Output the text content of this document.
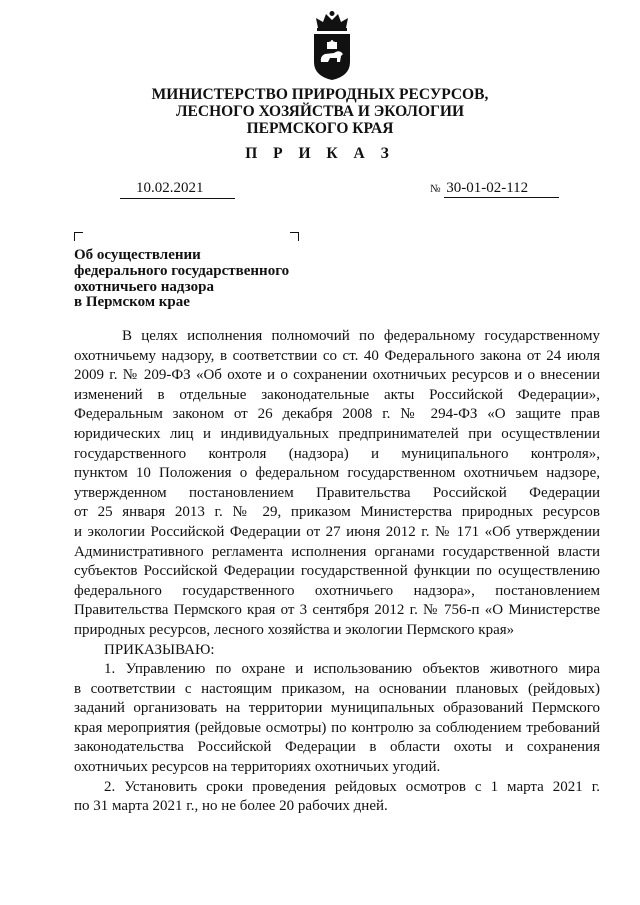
МИНИСТЕРСТВО ПРИРОДНЫХ РЕСУРСОВ,
ЛЕСНОГО ХОЗЯЙСТВА И ЭКОЛОГИИ
ПЕРМСКОГО КРАЯ
П Р И К А З
10.02.2021	№ 30-01-02-112
Об осуществлении
федерального государственного
охотничьего надзора
в Пермском крае
В целях исполнения полномочий по федеральному государственному
охотничьему надзору, в соответствии со ст. 40 Федерального закона от 24 июля
2009 г. № 209-ФЗ «Об охоте и о сохранении охотничьих ресурсов и о внесении
изменений в отдельные законодательные акты Российской Федерации»,
Федеральным законом от 26 декабря 2008 г. № 294-ФЗ «О защите прав
юридических лиц и индивидуальных предпринимателей при осуществлении
государственного контроля (надзора) и муниципального контроля»,
пунктом 10 Положения о федеральном государственном охотничьем надзоре,
утвержденном постановлением Правительства Российской Федерации
от 25 января 2013 г. № 29, приказом Министерства природных ресурсов
и экологии Российской Федерации от 27 июня 2012 г. № 171 «Об утверждении
Административного регламента исполнения органами государственной власти
субъектов Российской Федерации государственной функции по осуществлению
федерального государственного охотничьего надзора», постановлением
Правительства Пермского края от 3 сентября 2012 г. № 756-п «О Министерстве
природных ресурсов, лесного хозяйства и экологии Пермского края»
ПРИКАЗЫВАЮ:
1. Управлению по охране и использованию объектов животного мира
в соответствии с настоящим приказом, на основании плановых (рейдовых)
заданий организовать на территории муниципальных образований Пермского
края мероприятия (рейдовые осмотры) по контролю за соблюдением требований
законодательства Российской Федерации в области охоты и сохранения
охотничьих ресурсов на территориях охотничьих угодий.
2. Установить сроки проведения рейдовых осмотров с 1 марта 2021 г.
по 31 марта 2021 г., но не более 20 рабочих дней.
